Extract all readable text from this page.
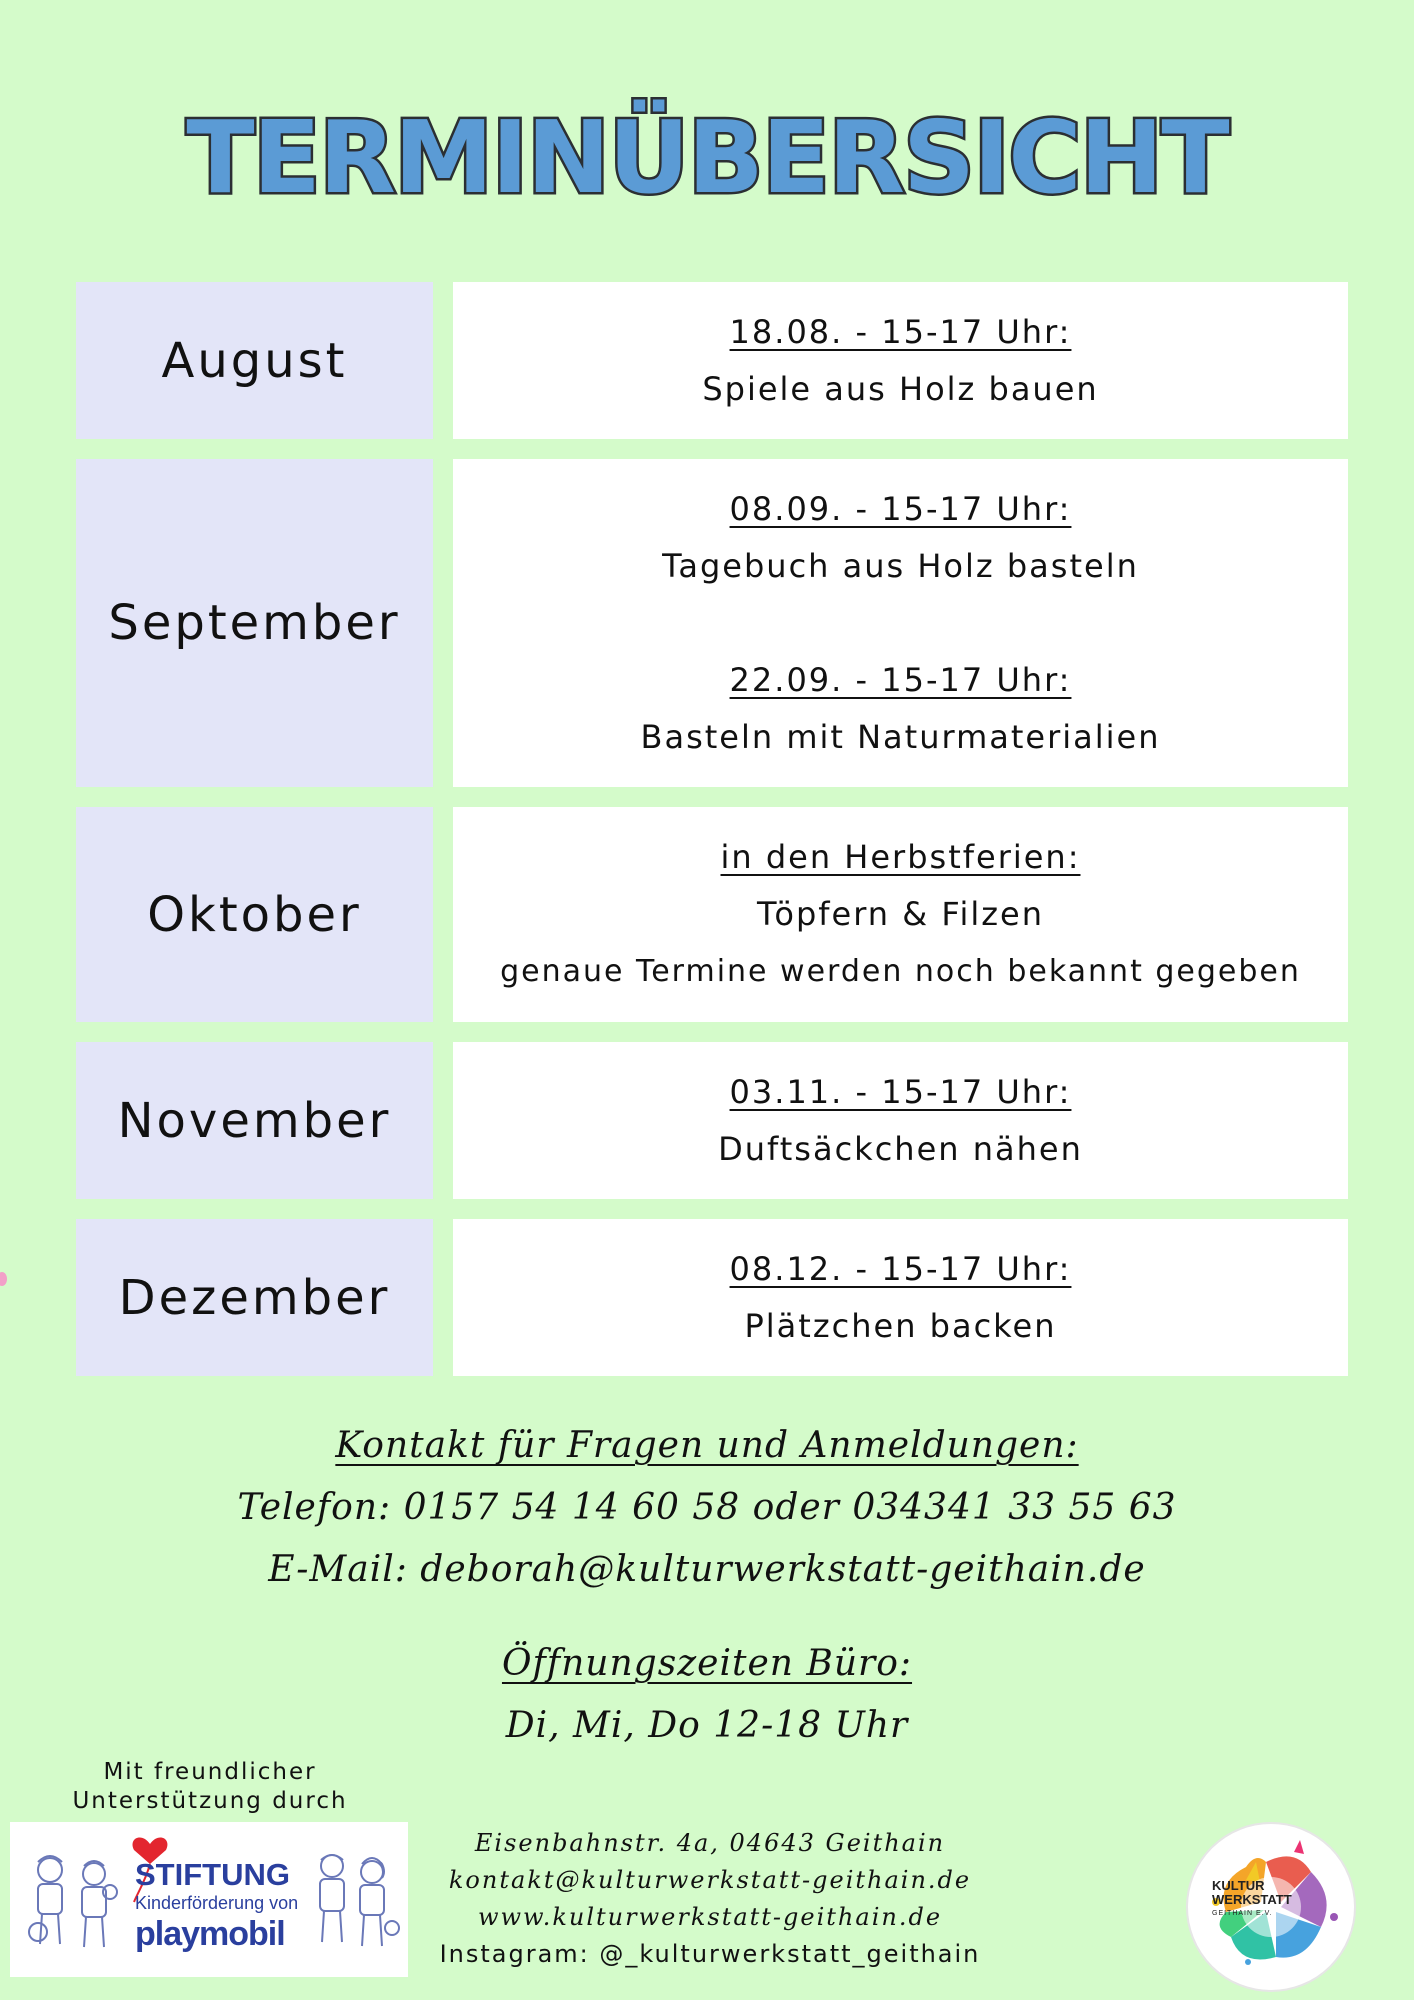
TERMINÜBERSICHT
August
18.08. - 15-17 Uhr:
Spiele aus Holz bauen
September
08.09. - 15-17 Uhr:
Tagebuch aus Holz basteln
22.09. - 15-17 Uhr:
Basteln mit Naturmaterialien
Oktober
in den Herbstferien:
Töpfern & Filzen
genaue Termine werden noch bekannt gegeben
November
03.11. - 15-17 Uhr:
Duftsäckchen nähen
Dezember
08.12. - 15-17 Uhr:
Plätzchen backen
Kontakt für Fragen und Anmeldungen:
Telefon: 0157 54 14 60 58 oder 034341 33 55 63
E-Mail: deborah@kulturwerkstatt-geithain.de
Öffnungszeiten Büro:
Di, Mi, Do 12-18 Uhr
Mit freundlicher
Unterstützung durch
STIFTUNG
Kinderförderung von
playmobil
Eisenbahnstr. 4a, 04643 Geithain
kontakt@kulturwerkstatt-geithain.de
www.kulturwerkstatt-geithain.de
Instagram: @_kulturwerkstatt_geithain
KULTUR
WERKSTATT
GEITHAIN E.V.
